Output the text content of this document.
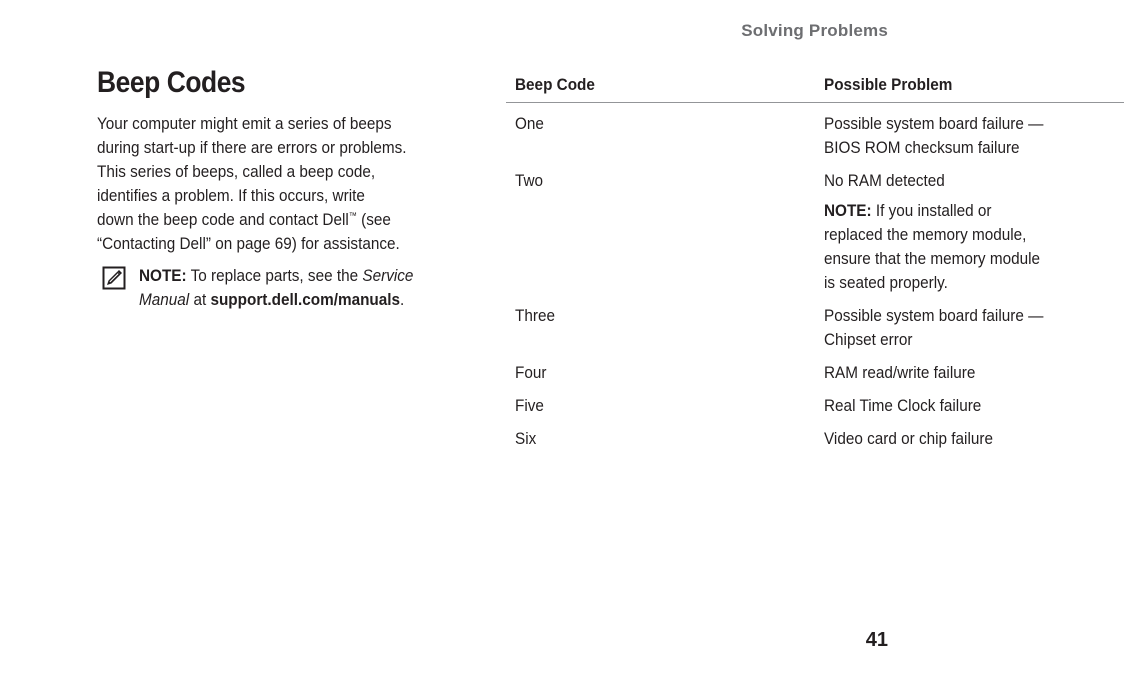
Solving Problems
Beep Codes

Your computer might emit a series of beeps
during start-up if there are errors or problems.
This series of beeps, called a beep code,
identifies a problem. If this occurs, write
down the beep code and contact Dell™ (see
“Contacting Dell” on page 69) for assistance.

NOTE: To replace parts, see the Service
Manual at support.dell.com/manuals.
Beep Code	Possible Problem

One	Possible system board failure —
BIOS ROM checksum failure

Two	No RAM detected
NOTE: If you installed or
replaced the memory module,
ensure that the memory module
is seated properly.

Three	Possible system board failure —
Chipset error

Four	RAM read/write failure

Five	Real Time Clock failure

Six	Video card or chip failure
41
